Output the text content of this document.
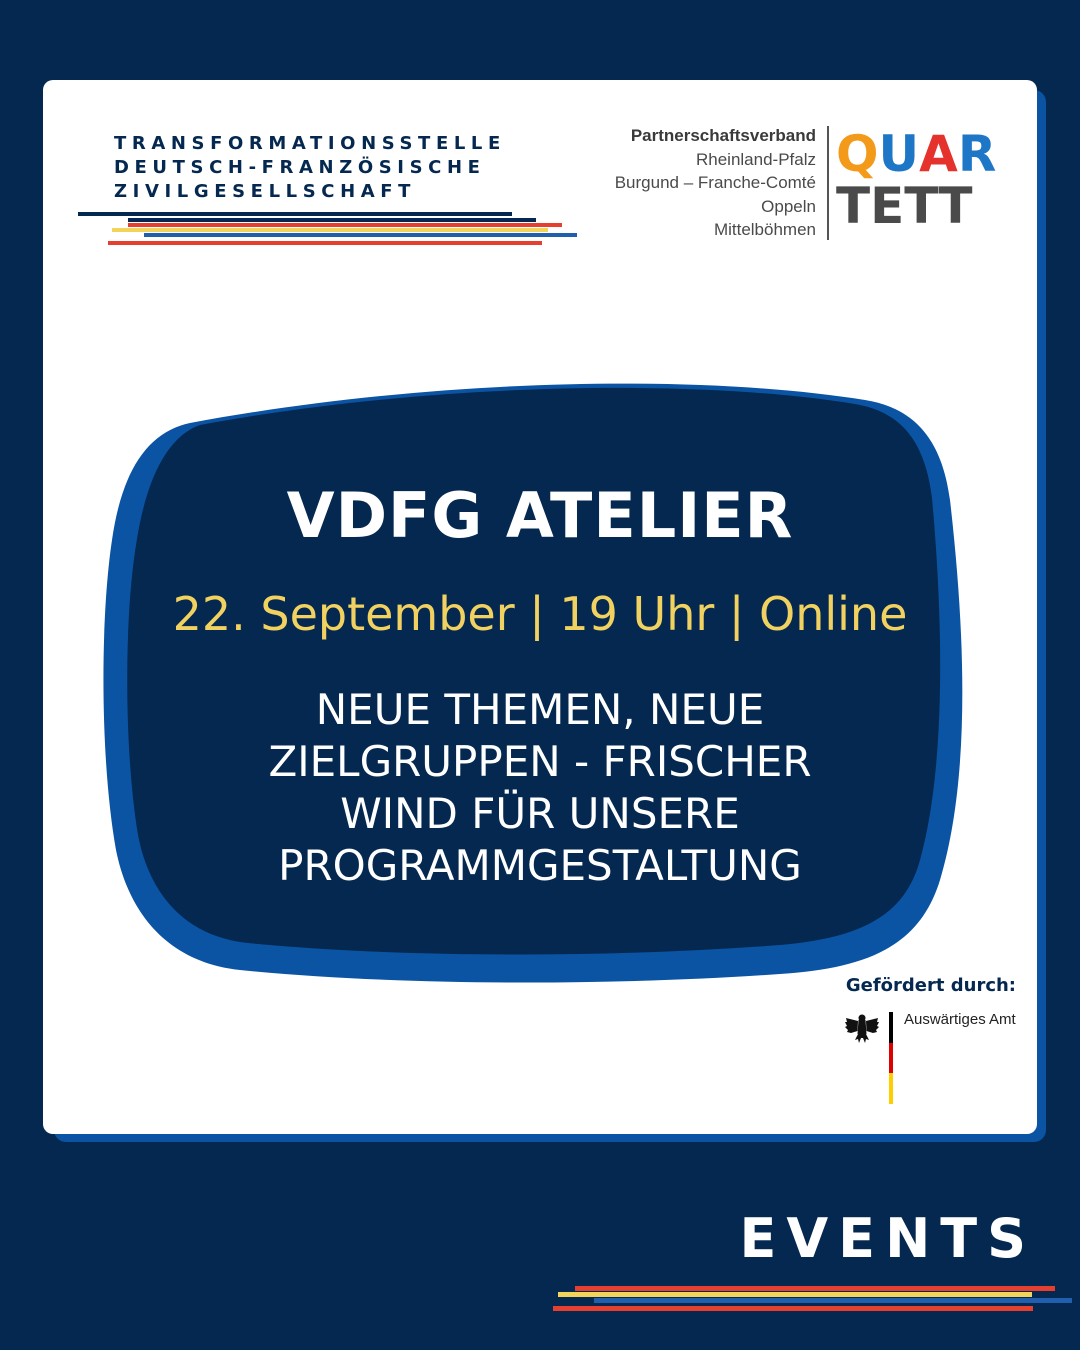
TRANSFORMATIONSSTELLE
DEUTSCH-FRANZÖSISCHE
ZIVILGESELLSCHAFT
Partnerschaftsverband
Rheinland-Pfalz
Burgund – Franche-Comté
Oppeln
Mittelböhmen
Q U A R
T E T T
VDFG ATELIER
22. September | 19 Uhr | Online
NEUE THEMEN, NEUE
ZIELGRUPPEN - FRISCHER
WIND FÜR UNSERE
PROGRAMMGESTALTUNG
Gefördert durch:
Auswärtiges Amt
EVENTS
